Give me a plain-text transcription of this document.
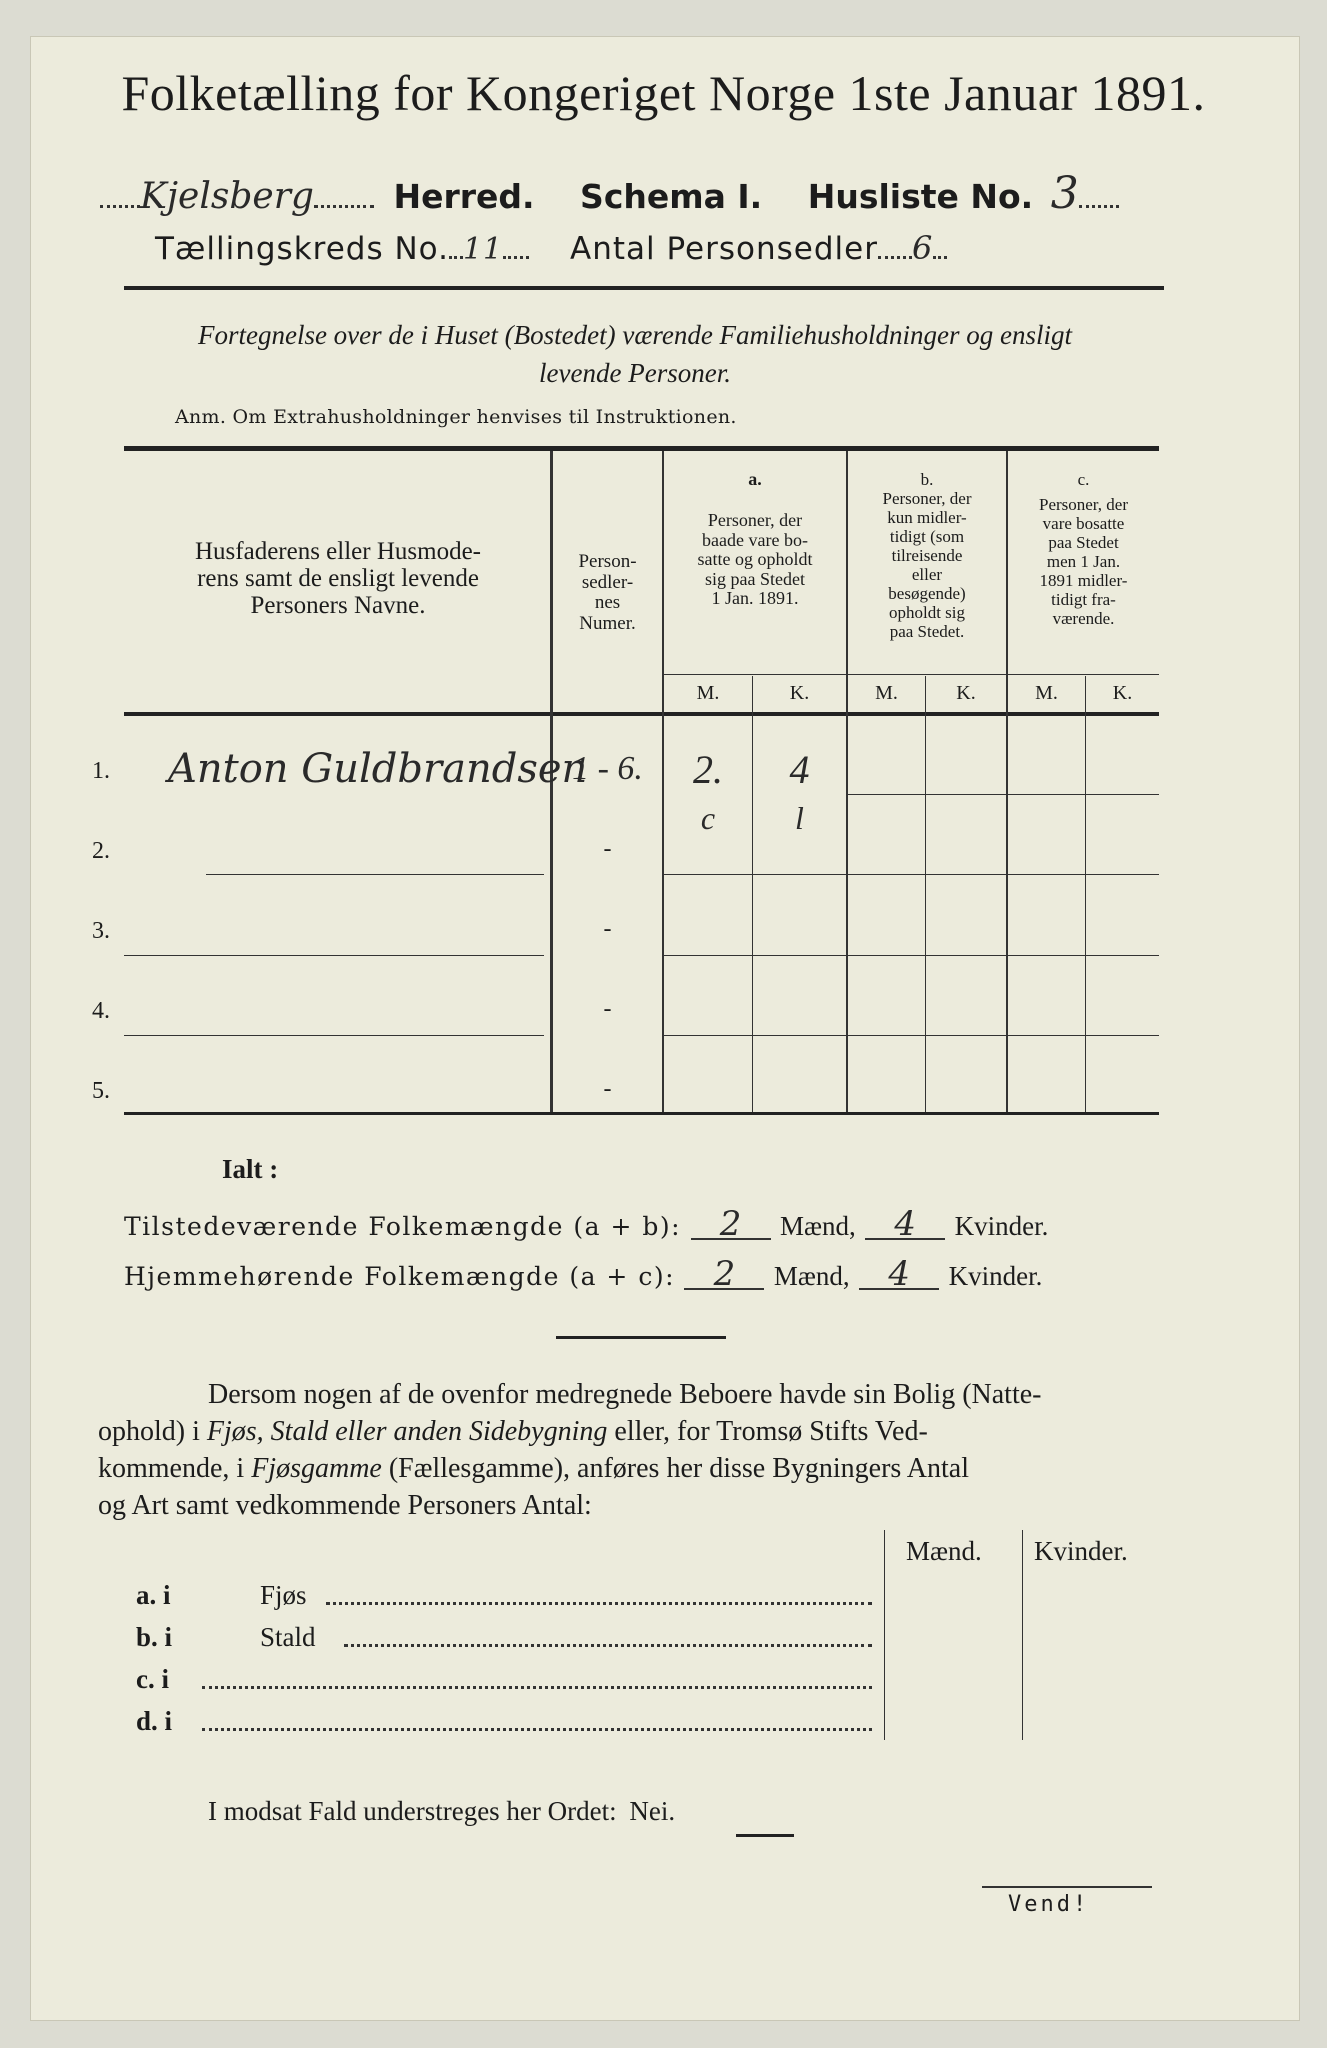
Folketælling for Kongeriget Norge 1ste Januar 1891.
Kjelsberg Herred. Schema I. Husliste No. 3
Tællingskreds No. 11 Antal Personsedler 6
Fortegnelse over de i Huset (Bostedet) værende Familiehusholdninger og ensligt
levende Personer.
Anm. Om Extrahusholdninger henvises til Instruktionen.
Husfaderens eller Husmode-
rens samt de ensligt levende
Personers Navne.
Person-
sedler-
nes
Numer.
a.
Personer, der
baade vare bo-
satte og opholdt
sig paa Stedet
1 Jan. 1891.
b.
Personer, der
kun midler-
tidigt (som
tilreisende
eller
besøgende)
opholdt sig
paa Stedet.
c.
Personer, der
vare bosatte
paa Stedet
men 1 Jan.
1891 midler-
tidigt fra-
værende.
M.	K.	M.	K.	M.	K.
1. Anton Guldbrandsen
1 - 6.	2.	4
2.	-
c	l
3.	-
4.	-
5.	-
Ialt :
Tilstedeværende Folkemængde (a + b): 2 Mænd, 4 Kvinder.
Hjemmehørende Folkemængde (a + c): 2 Mænd, 4 Kvinder.
Dersom nogen af de ovenfor medregnede Beboere havde sin Bolig (Natte-
ophold) i Fjøs, Stald eller anden Sidebygning eller, for Tromsø Stifts Ved-
kommende, i Fjøsgamme (Fællesgamme), anføres her disse Bygningers Antal
og Art samt vedkommende Personers Antal:
Mænd. Kvinder.
a. i	Fjøs
b. i	Stald
c. i
d. i
I modsat Fald understreges her Ordet: Nei.
Vend!
